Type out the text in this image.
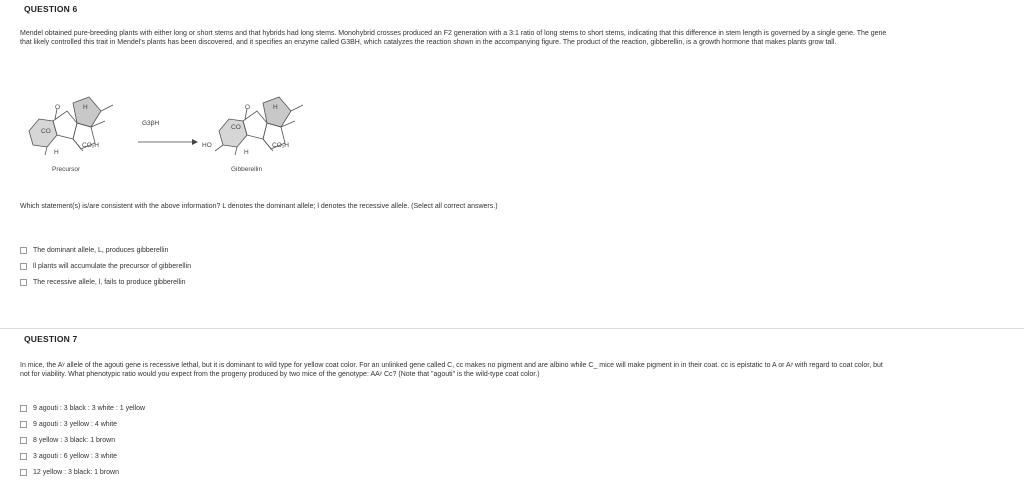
QUESTION 6
Mendel obtained pure-breeding plants with either long or short stems and that hybrids had long stems. Monohybrid crosses produced an F2 generation with a 3:1 ratio of long stems to short stems, indicating that this difference in stem length is governed by a single gene. The gene that likely controlled this trait in Mendel's plants has been discovered, and it specifies an enzyme called G3BH, which catalyzes the reaction shown in the accompanying figure. The product of the reaction, gibberellin, is a growth hormone that makes plants grow tall.
CO
O	H
H
CO₂H
G3βH
CO
O	H
HO
H
CO₂H
Precursor	Gibberellin
Which statement(s) is/are consistent with the above information? L denotes the dominant allele; l denotes the recessive allele. (Select all correct answers.)
The dominant allele, L, produces gibberellin
ll plants will accumulate the precursor of gibberellin
The recessive allele, l, fails to produce gibberellin
QUESTION 7
In mice, the Aʸ allele of the agouti gene is recessive lethal, but it is dominant to wild type for yellow coat color. For an unlinked gene called C, cc makes no pigment and are albino while C_ mice will make pigment in in their coat. cc is epistatic to A or Aʸ with regard to coat color, but not for viability. What phenotypic ratio would you expect from the progeny produced by two mice of the genotype: AAʸ Cc? (Note that "agouti" is the wild-type coat color.)
9 agouti : 3 black : 3 white : 1 yellow
9 agouti : 3 yellow : 4 white
8 yellow : 3 black: 1 brown
3 agouti : 6 yellow : 3 white
12 yellow : 3 black: 1 brown
